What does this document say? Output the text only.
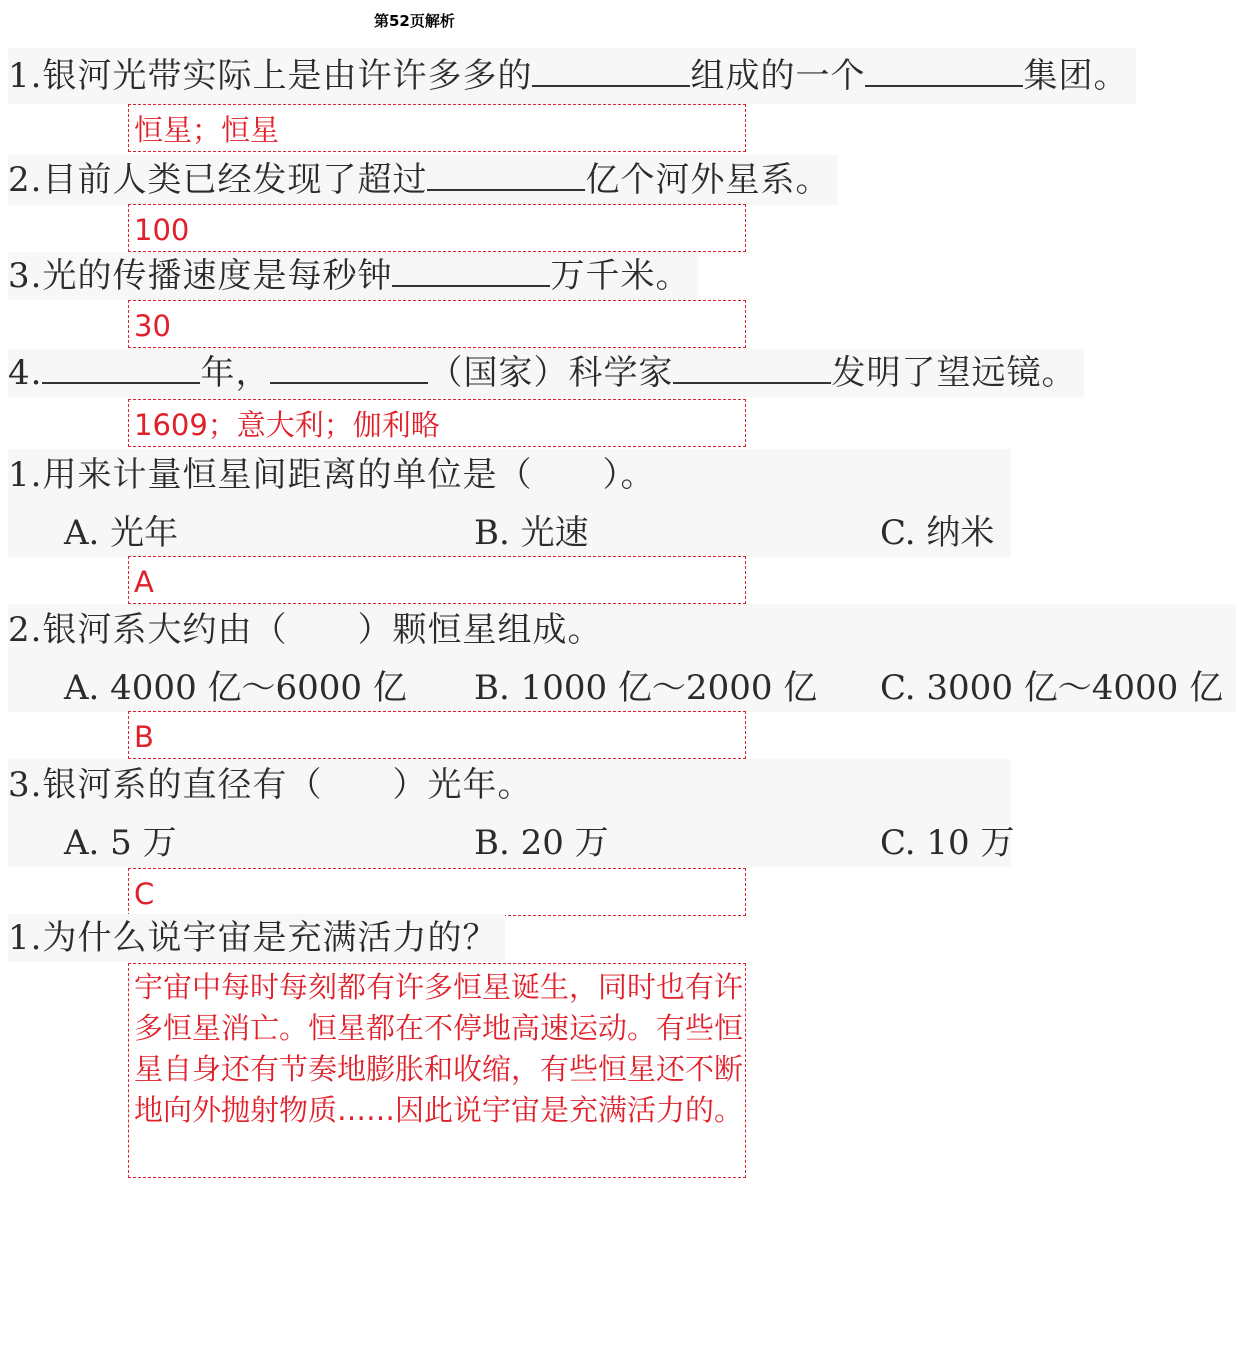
第52页解析
1.银河光带实际上是由许许多多的	组成的一个	集团。
恒星；恒星
2.目前人类已经发现了超过	亿个河外星系。
100
3.光的传播速度是每秒钟	万千米。
30
4.	年，	（国家）科学家	发明了望远镜。
1609；意大利；伽利略
1.用来计量恒星间距离的单位是（　　）。
A. 光年	B. 光速	C. 纳米
A
2.银河系大约由（　　）颗恒星组成。
A. 4000 亿～6000 亿 B. 1000 亿～2000 亿 C. 3000 亿～4000 亿
B
3.银河系的直径有（　　）光年。
A. 5 万	B. 20 万	C. 10 万
C
1.为什么说宇宙是充满活力的？
宇宙中每时每刻都有许多恒星诞生，同时也有许多恒星消亡。恒星都在不停地高速运动。有些恒星自身还有节奏地膨胀和收缩，有些恒星还不断地向外抛射物质……因此说宇宙是充满活力的。
